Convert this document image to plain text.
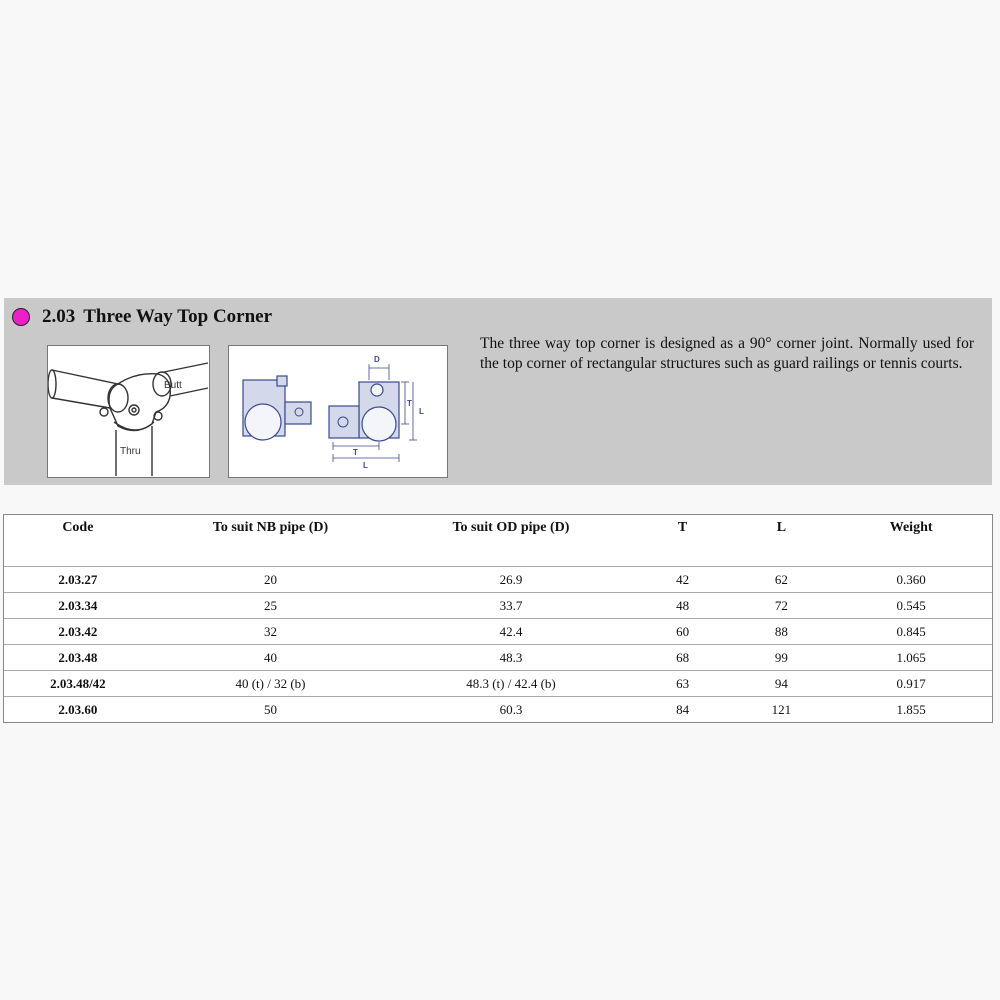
2.03 Three Way Top Corner
Butt
Thru
D
T
L
T
L
The three way top corner is designed as a 90° corner joint. Normally used for the top corner of rectangular structures such as guard railings or tennis courts.
Code	To suit NB pipe (D)	To suit OD pipe (D)	T	L	Weight

2.03.27	20	26.9	42	62	0.360
2.03.34	25	33.7	48	72	0.545
2.03.42	32	42.4	60	88	0.845
2.03.48	40	48.3	68	99	1.065
2.03.48/42	40 (t) / 32 (b)	48.3 (t) / 42.4 (b)	63	94	0.917
2.03.60	50	60.3	84	121	1.855
